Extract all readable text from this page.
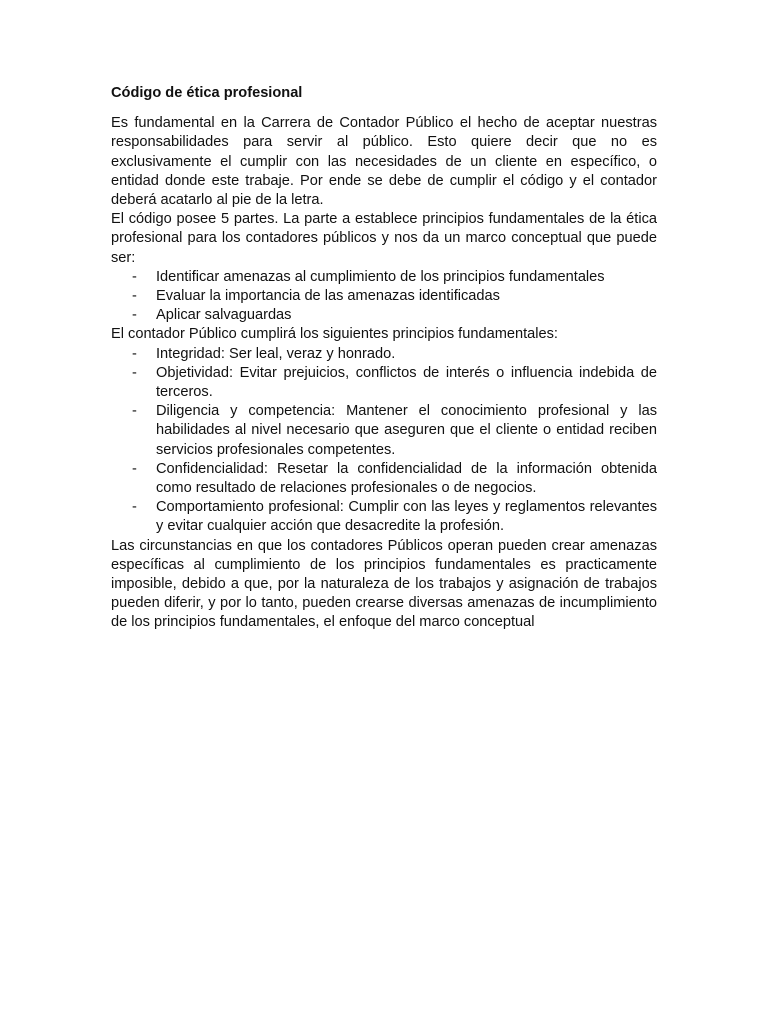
Código de ética profesional

Es fundamental en la Carrera de Contador Público el hecho de aceptar nuestras responsabilidades para servir al público. Esto quiere decir que no es exclusivamente el cumplir con las necesidades de un cliente en específico, o entidad donde este trabaje. Por ende se debe de cumplir el código y el contador deberá acatarlo al pie de la letra.

El código posee 5 partes. La parte a establece principios fundamentales de la ética profesional para los contadores públicos y nos da un marco conceptual que puede ser:

- Identificar amenazas al cumplimiento de los principios fundamentales
- Evaluar la importancia de las amenazas identificadas
- Aplicar salvaguardas

El contador Público cumplirá los siguientes principios fundamentales:

- Integridad: Ser leal, veraz y honrado.
- Objetividad: Evitar prejuicios, conflictos de interés o influencia indebida de terceros.
- Diligencia y competencia: Mantener el conocimiento profesional y las habilidades al nivel necesario que aseguren que el cliente o entidad reciben servicios profesionales competentes.
- Confidencialidad: Resetar la confidencialidad de la información obtenida como resultado de relaciones profesionales o de negocios.
- Comportamiento profesional: Cumplir con las leyes y reglamentos relevantes y evitar cualquier acción que desacredite la profesión.

Las circunstancias en que los contadores Públicos operan pueden crear amenazas específicas al cumplimiento de los principios fundamentales es practicamente imposible, debido a que, por la naturaleza de los trabajos y asignación de trabajos pueden diferir, y por lo tanto, pueden crearse diversas amenazas de incumplimiento de los principios fundamentales, el enfoque del marco conceptual
